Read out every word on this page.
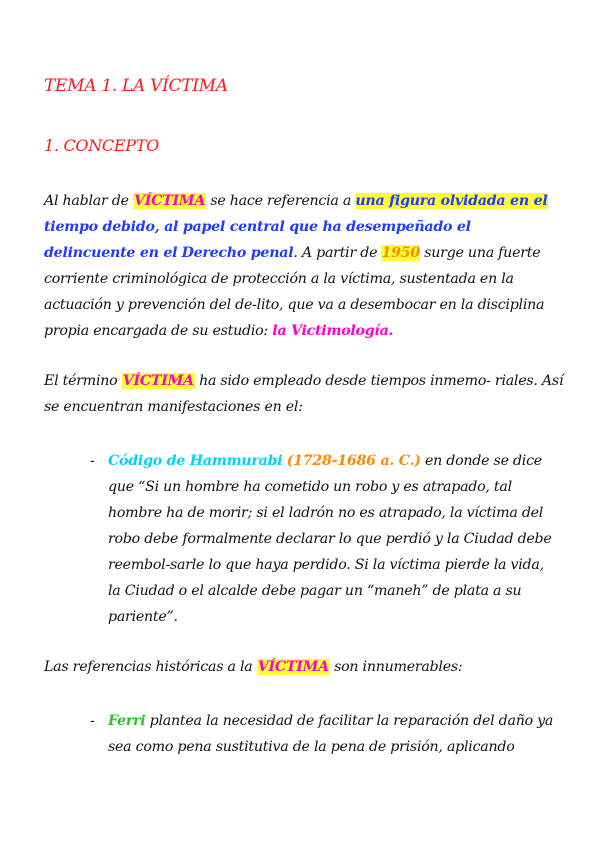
TEMA 1. LA VÍCTIMA
1. CONCEPTO
Al hablar de VÍCTIMA se hace referencia a una figura olvidada en el tiempo debido, al papel central que ha desempeñado el delincuente en el Derecho penal. A partir de 1950 surge una fuerte corriente criminológica de protección a la víctima, sustentada en la actuación y prevención del de-lito, que va a desembocar en la disciplina propia encargada de su estudio: la Victimología.
El término VÍCTIMA ha sido empleado desde tiempos inmemo- riales. Así se encuentran manifestaciones en el:
- Código de Hammurabi (1728-1686 a. C.) en donde se dice que “Si un hombre ha cometido un robo y es atrapado, tal hombre ha de morir; si el ladrón no es atrapado, la víctima del robo debe formalmente declarar lo que perdió y la Ciudad debe reembol-sarle lo que haya perdido. Si la víctima pierde la vida, la Ciudad o el alcalde debe pagar un “maneh” de plata a su pariente”.
Las referencias históricas a la VÍCTIMA son innumerables:
- Ferri plantea la necesidad de facilitar la reparación del daño ya sea como pena sustitutiva de la pena de prisión, aplicando
